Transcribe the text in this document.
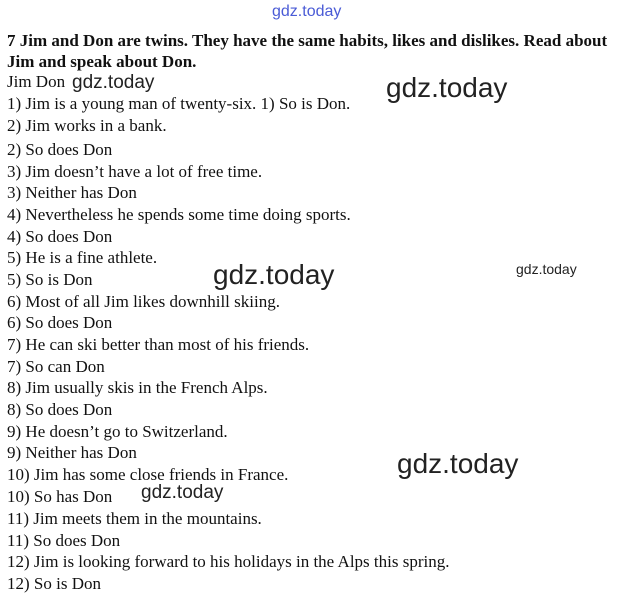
gdz.today

7 Jim and Don are twins. They have the same habits, likes and dislikes. Read about Jim and speak about Don.

Jim Don
1) Jim is a young man of twenty-six. 1) So is Don.
2) Jim works in a bank.
2) So does Don
3) Jim doesn’t have a lot of free time.
3) Neither has Don
4) Nevertheless he spends some time doing sports.
4) So does Don
5) He is a fine athlete.
5) So is Don
6) Most of all Jim likes downhill skiing.
6) So does Don
7) He can ski better than most of his friends.
7) So can Don
8) Jim usually skis in the French Alps.
8) So does Don
9) He doesn’t go to Switzerland.
9) Neither has Don
10) Jim has some close friends in France.
10) So has Don
11) Jim meets them in the mountains.
11) So does Don
12) Jim is looking forward to his holidays in the Alps this spring.
12) So is Don
gdz.today	gdz.today
gdz.today	gdz.today
gdz.today
gdz.today
